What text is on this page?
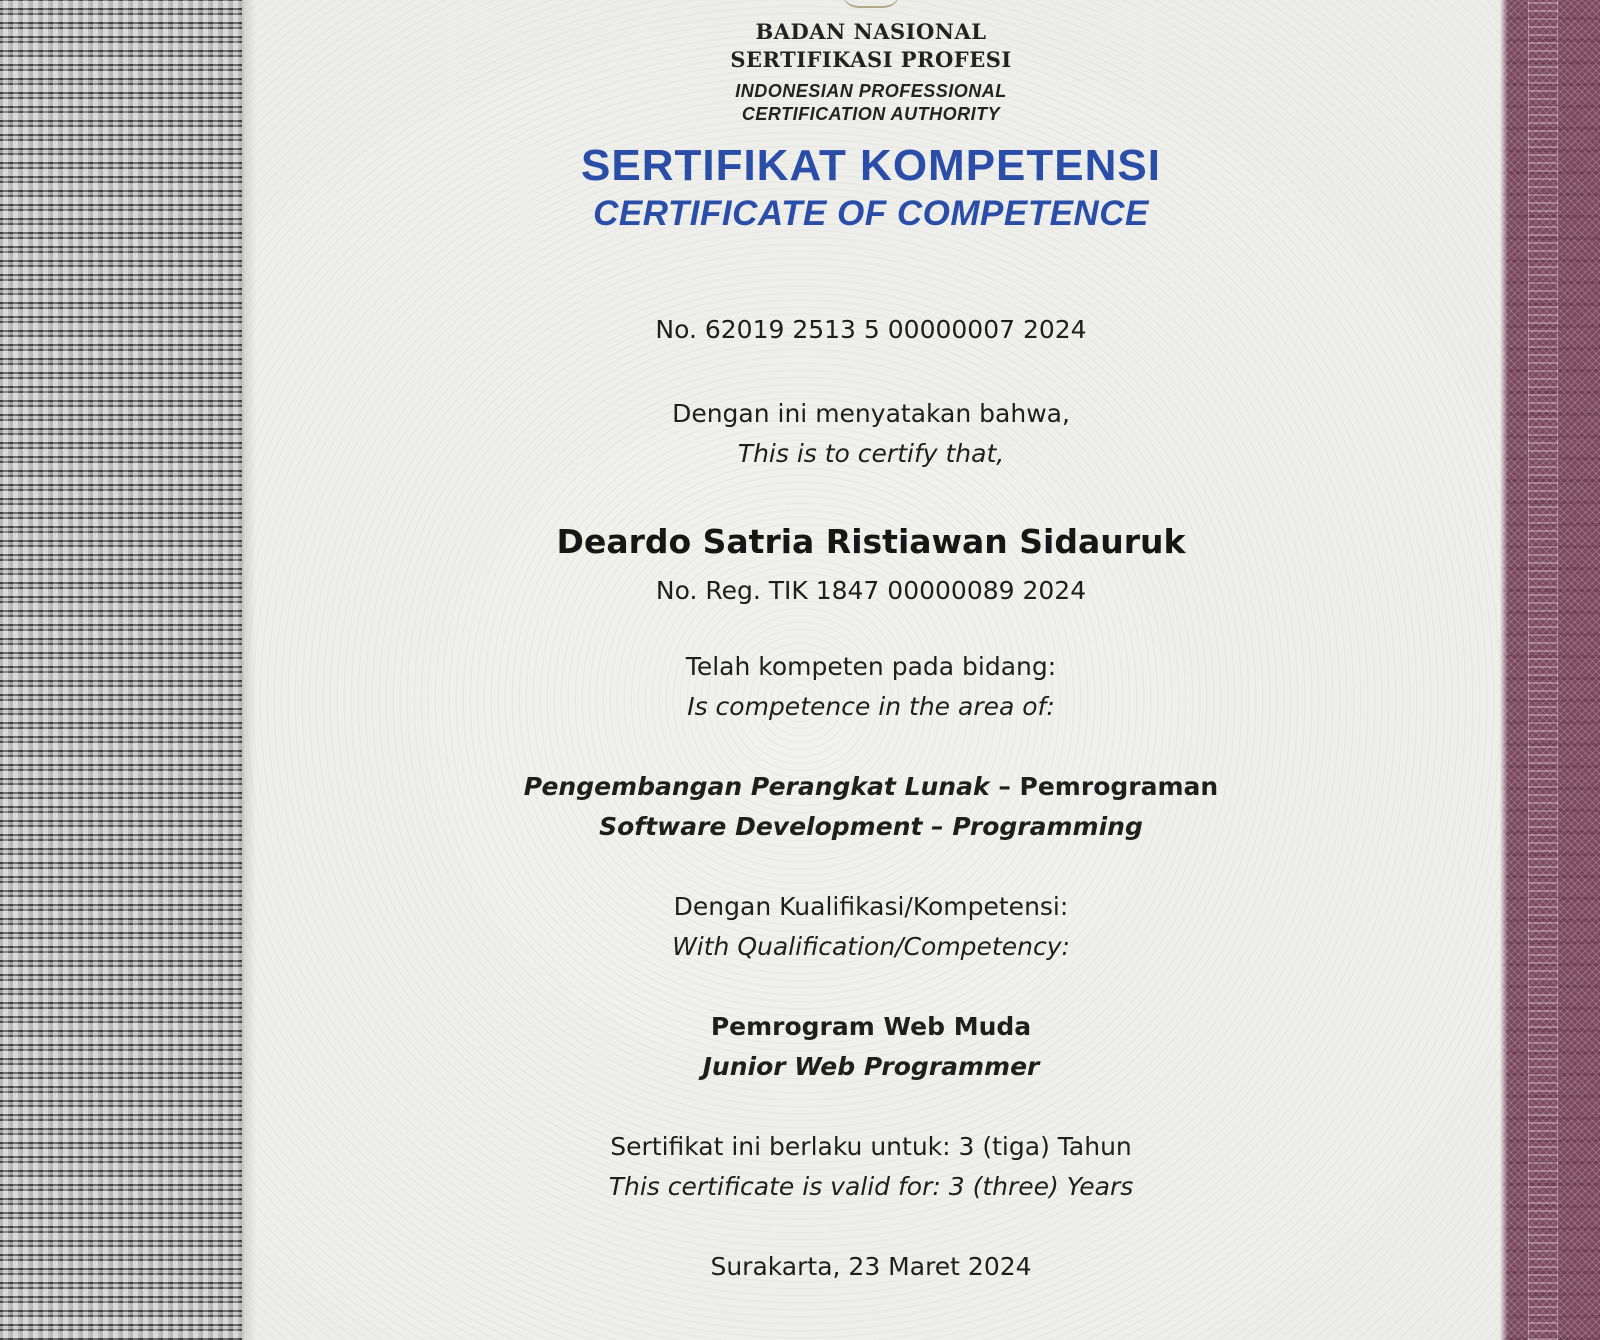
BADAN NASIONAL
SERTIFIKASI PROFESI
INDONESIAN PROFESSIONAL
CERTIFICATION AUTHORITY
SERTIFIKAT KOMPETENSI
CERTIFICATE OF COMPETENCE
No. 62019 2513 5 00000007 2024
Dengan ini menyatakan bahwa,
This is to certify that,
Deardo Satria Ristiawan Sidauruk
No. Reg. TIK 1847 00000089 2024
Telah kompeten pada bidang:
Is competence in the area of:
Pengembangan Perangkat Lunak – Pemrograman
Software Development – Programming
Dengan Kualifikasi/Kompetensi:
With Qualification/Competency:
Pemrogram Web Muda
Junior Web Programmer
Sertifikat ini berlaku untuk: 3 (tiga) Tahun
This certificate is valid for: 3 (three) Years
Surakarta, 23 Maret 2024
